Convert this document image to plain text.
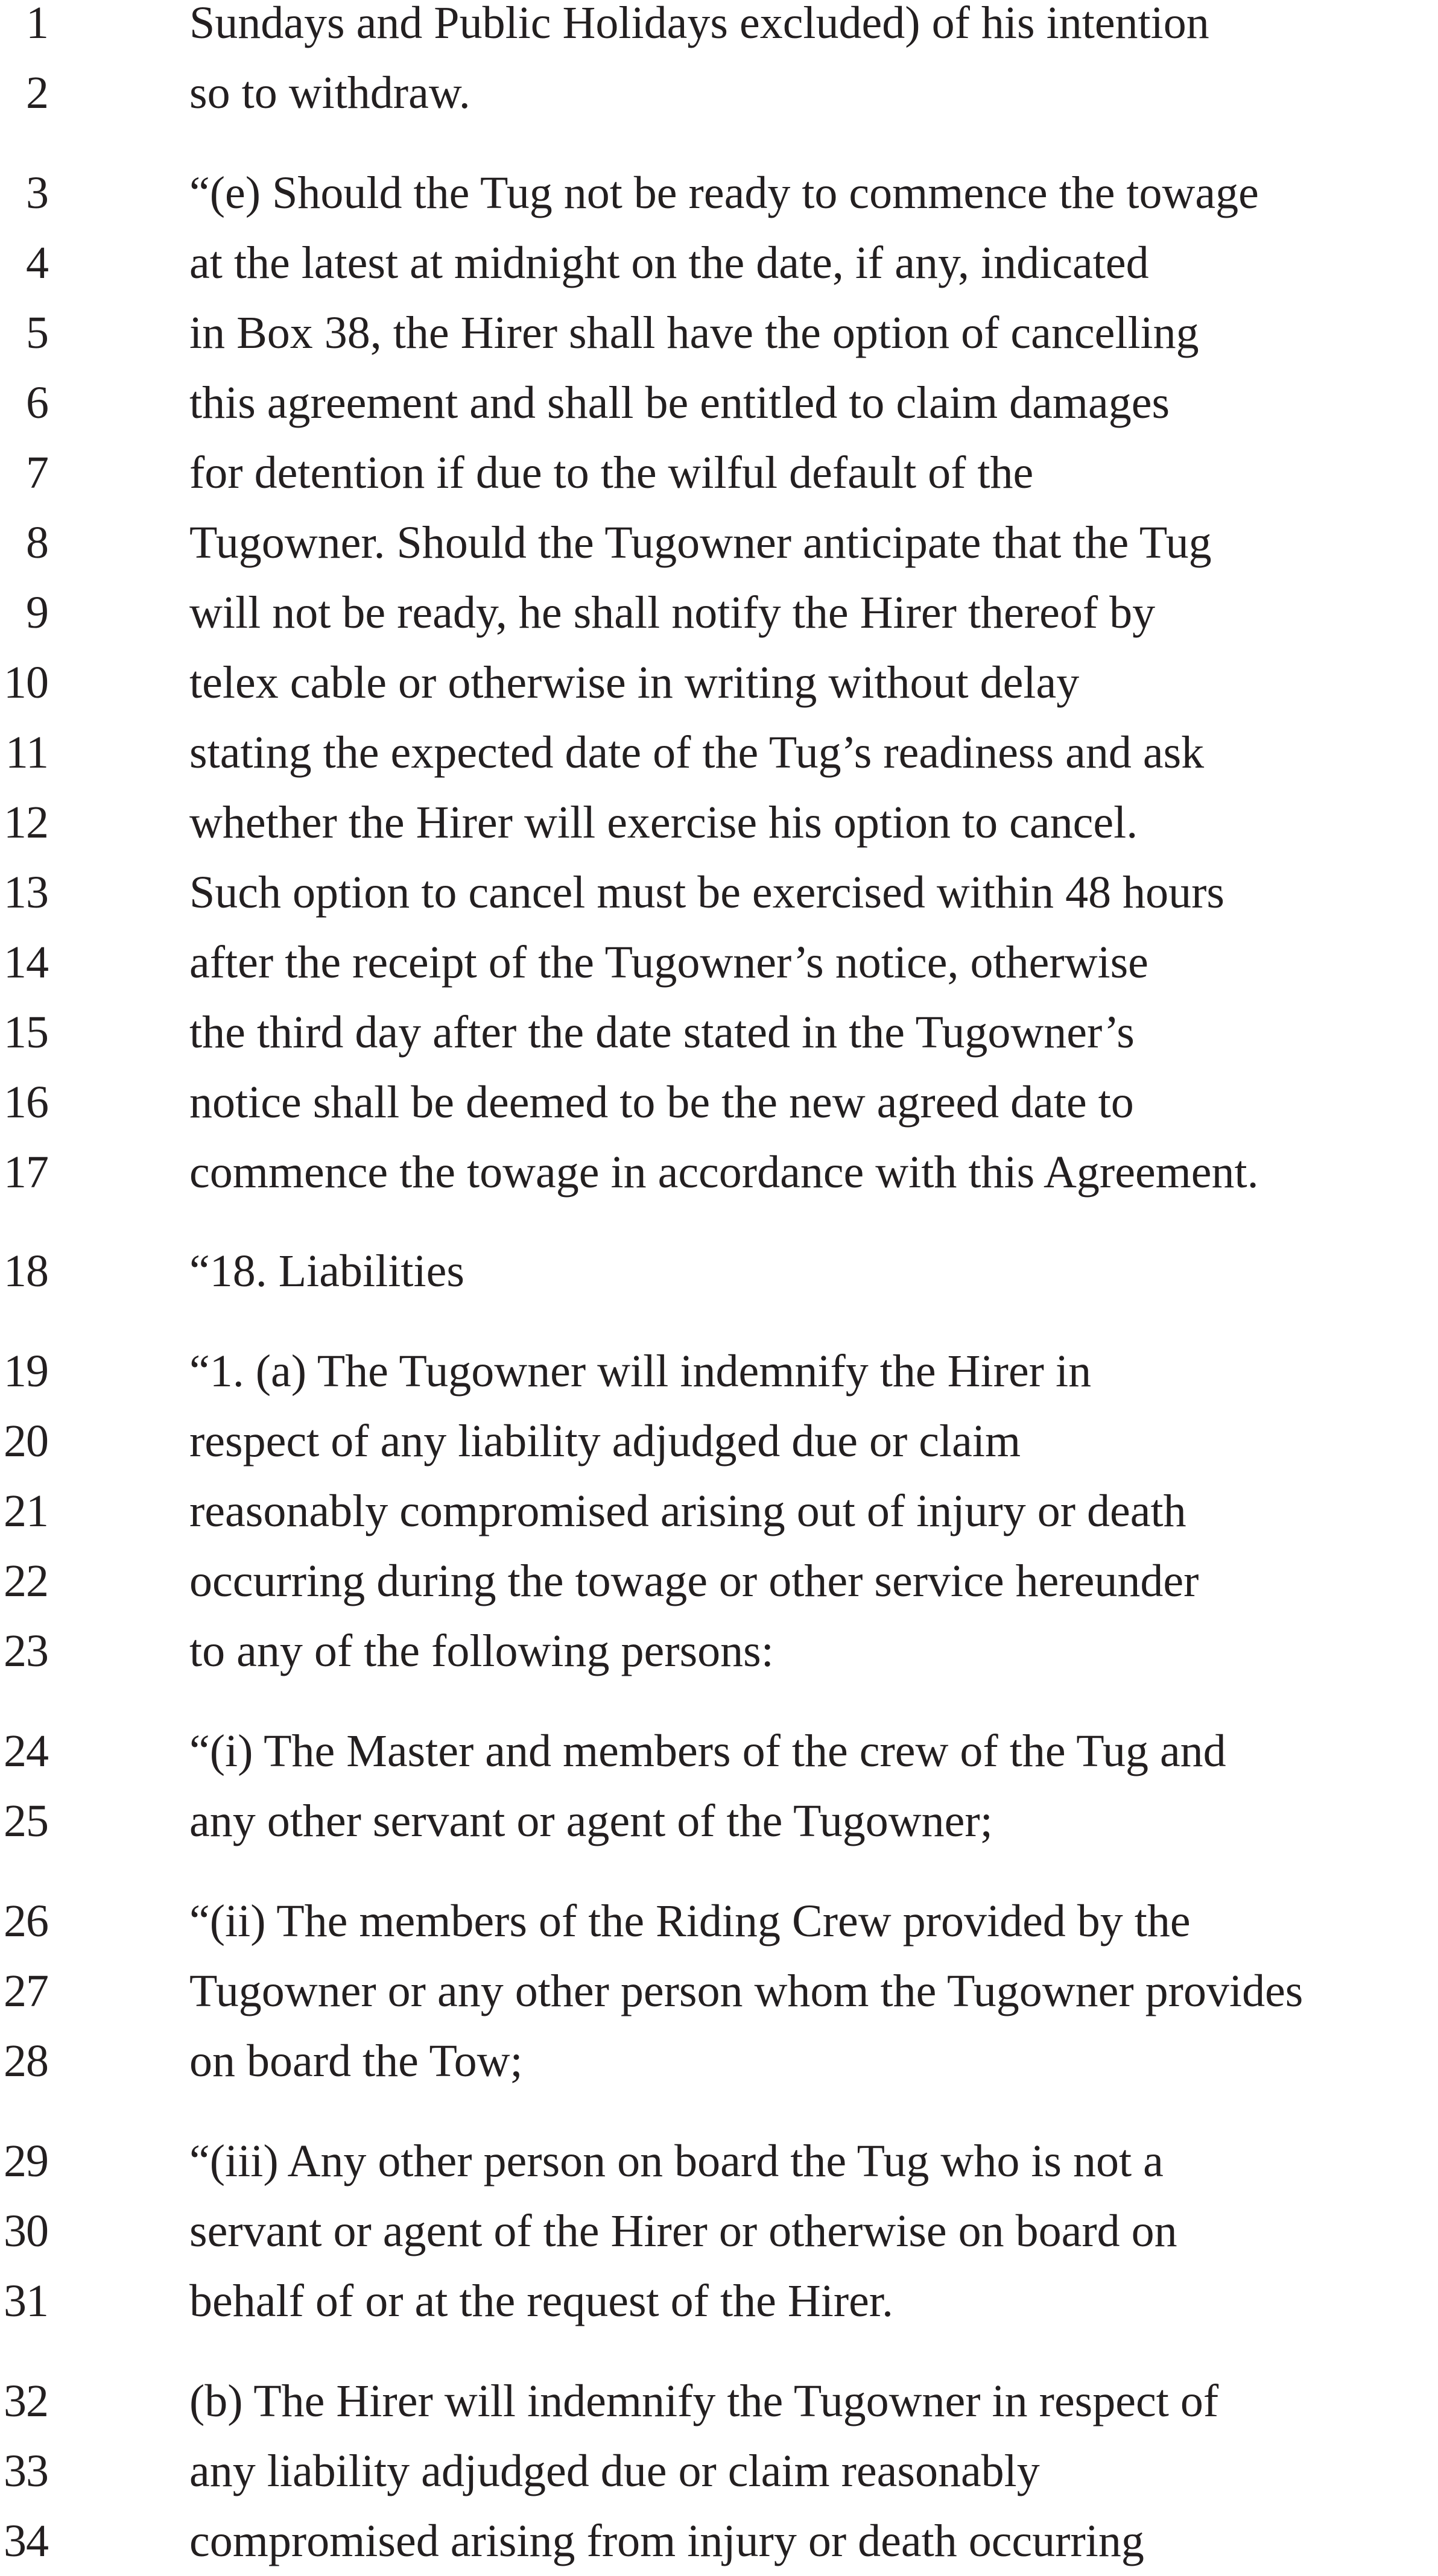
1	Sundays and Public Holidays excluded) of his intention
2	so to withdraw.
3	“(e) Should the Tug not be ready to commence the towage
4	at the latest at midnight on the date, if any, indicated
5	in Box 38, the Hirer shall have the option of cancelling
6	this agreement and shall be entitled to claim damages
7	for detention if due to the wilful default of the
8	Tugowner. Should the Tugowner anticipate that the Tug
9	will not be ready, he shall notify the Hirer thereof by
10	telex cable or otherwise in writing without delay
11	stating the expected date of the Tug’s readiness and ask
12	whether the Hirer will exercise his option to cancel.
13	Such option to cancel must be exercised within 48 hours
14	after the receipt of the Tugowner’s notice, otherwise
15	the third day after the date stated in the Tugowner’s
16	notice shall be deemed to be the new agreed date to
17	commence the towage in accordance with this Agreement.
18	“18. Liabilities
19	“1. (a) The Tugowner will indemnify the Hirer in
20	respect of any liability adjudged due or claim
21	reasonably compromised arising out of injury or death
22	occurring during the towage or other service hereunder
23	to any of the following persons:
24	“(i) The Master and members of the crew of the Tug and
25	any other servant or agent of the Tugowner;
26	“(ii) The members of the Riding Crew provided by the
27	Tugowner or any other person whom the Tugowner provides
28	on board the Tow;
29	“(iii) Any other person on board the Tug who is not a
30	servant or agent of the Hirer or otherwise on board on
31	behalf of or at the request of the Hirer.
32	(b) The Hirer will indemnify the Tugowner in respect of
33	any liability adjudged due or claim reasonably
34	compromised arising from injury or death occurring
